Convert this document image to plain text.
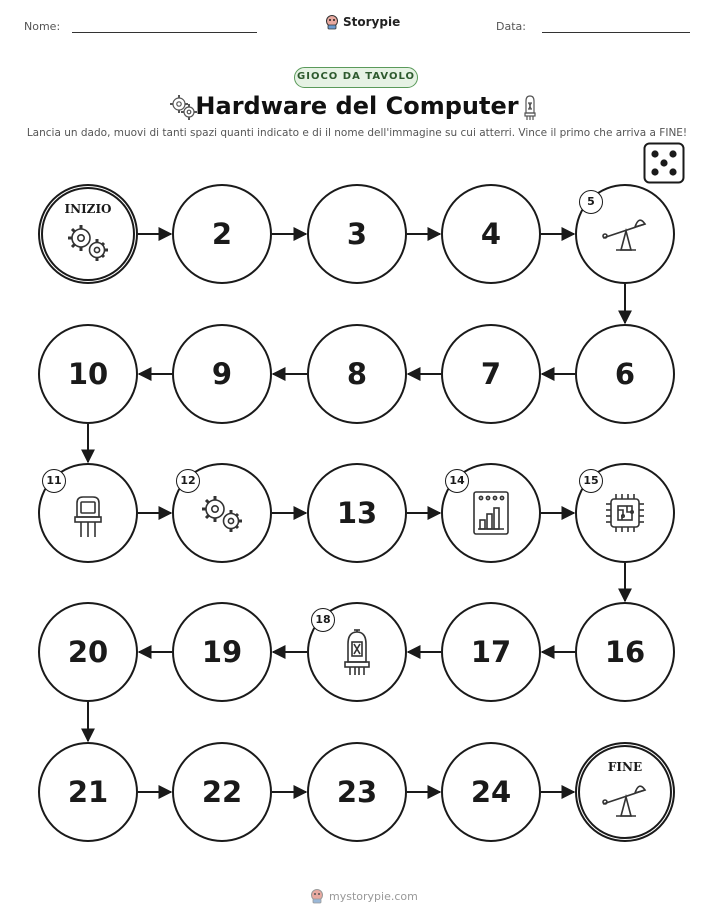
Nome:	Storypie	Data:
GIOCO DA TAVOLO
Hardware del Computer
Lancia un dado, muovi di tanti spazi quanti indicato e di il nome dell'immagine su cui atterri. Vince il primo che arriva a FINE!
INIZIO
2	3	4
5
6
7
8
9
10
11	12
13
14	15
16
17
18
19
20
21	22	23	24
FINE
mystorypie.com
